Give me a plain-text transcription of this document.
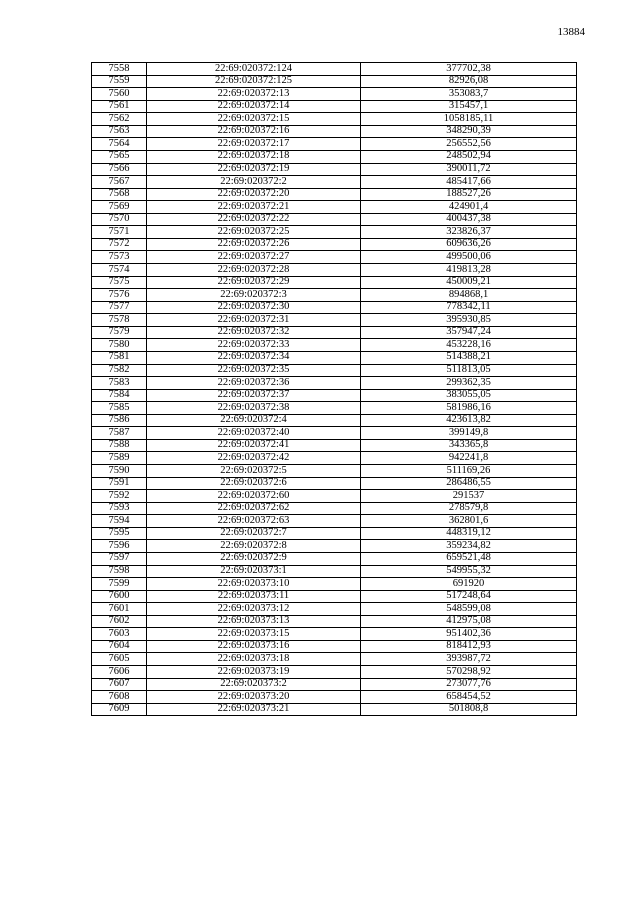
13884
7558	22:69:020372:124	377702,38
7559	22:69:020372:125	82926,08
7560	22:69:020372:13	353083,7
7561	22:69:020372:14	315457,1
7562	22:69:020372:15	1058185,11
7563	22:69:020372:16	348290,39
7564	22:69:020372:17	256552,56
7565	22:69:020372:18	248502,94
7566	22:69:020372:19	390011,72
7567	22:69:020372:2	485417,66
7568	22:69:020372:20	188527,26
7569	22:69:020372:21	424901,4
7570	22:69:020372:22	400437,38
7571	22:69:020372:25	323826,37
7572	22:69:020372:26	609636,26
7573	22:69:020372:27	499500,06
7574	22:69:020372:28	419813,28
7575	22:69:020372:29	450009,21
7576	22:69:020372:3	894868,1
7577	22:69:020372:30	778342,11
7578	22:69:020372:31	395930,85
7579	22:69:020372:32	357947,24
7580	22:69:020372:33	453228,16
7581	22:69:020372:34	514388,21
7582	22:69:020372:35	511813,05
7583	22:69:020372:36	299362,35
7584	22:69:020372:37	383055,05
7585	22:69:020372:38	581986,16
7586	22:69:020372:4	423613,82
7587	22:69:020372:40	399149,8
7588	22:69:020372:41	343365,8
7589	22:69:020372:42	942241,8
7590	22:69:020372:5	511169,26
7591	22:69:020372:6	286486,55
7592	22:69:020372:60	291537
7593	22:69:020372:62	278579,8
7594	22:69:020372:63	362801,6
7595	22:69:020372:7	448319,12
7596	22:69:020372:8	359234,82
7597	22:69:020372:9	659521,48
7598	22:69:020373:1	549955,32
7599	22:69:020373:10	691920
7600	22:69:020373:11	517248,64
7601	22:69:020373:12	548599,08
7602	22:69:020373:13	412975,08
7603	22:69:020373:15	951402,36
7604	22:69:020373:16	818412,93
7605	22:69:020373:18	393987,72
7606	22:69:020373:19	570298,92
7607	22:69:020373:2	273077,76
7608	22:69:020373:20	658454,52
7609	22:69:020373:21	501808,8
